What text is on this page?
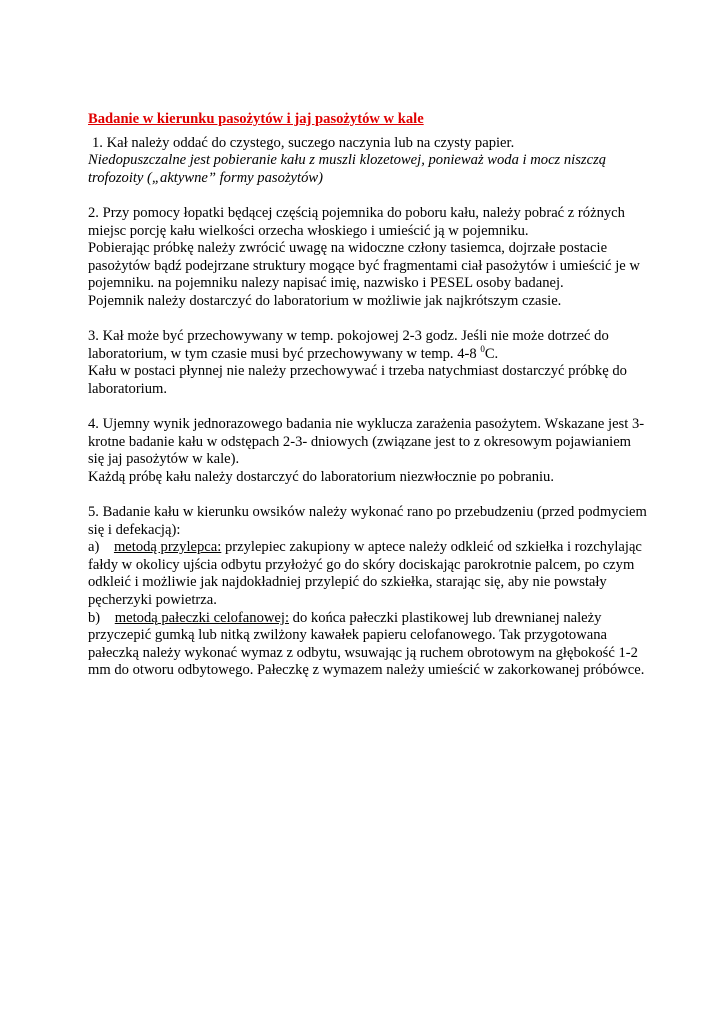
Badanie w kierunku pasożytów i jaj pasożytów w kale

1. Kał należy oddać do czystego, suczego naczynia lub na czysty papier.

Niedopuszczalne jest pobieranie kału z muszli klozetowej, ponieważ woda i mocz niszczą trofozoity („aktywne” formy pasożytów)

2. Przy pomocy łopatki będącej częścią pojemnika do poboru kału, należy pobrać z różnych miejsc porcję kału wielkości orzecha włoskiego i umieścić ją w pojemniku.

Pobierając próbkę należy zwrócić uwagę na widoczne człony tasiemca, dojrzałe postacie pasożytów bądź podejrzane struktury mogące być fragmentami ciał pasożytów i umieścić je w pojemniku. na pojemniku nalezy napisać imię, nazwisko i PESEL osoby badanej.

Pojemnik należy dostarczyć do laboratorium w możliwie jak najkrótszym czasie.

3. Kał może być przechowywany w temp. pokojowej 2-3 godz. Jeśli nie może dotrzeć do laboratorium, w tym czasie musi być przechowywany w temp. 4-8 $^0$C.

Kału w postaci płynnej nie należy przechowywać i trzeba natychmiast dostarczyć próbkę do laboratorium.

4. Ujemny wynik jednorazowego badania nie wyklucza zarażenia pasożytem. Wskazane jest 3-krotne badanie kału w odstępach 2-3- dniowych (związane jest to z okresowym pojawianiem się jaj pasożytów w kale).

Każdą próbę kału należy dostarczyć do laboratorium niezwłocznie po pobraniu.

5. Badanie kału w kierunku owsików należy wykonać rano po przebudzeniu (przed podmyciem się i defekacją):

a)    metodą przylepca: przylepiec zakupiony w aptece należy odkleić od szkiełka i rozchylając fałdy w okolicy ujścia odbytu przyłożyć go do skóry dociskając parokrotnie palcem, po czym odkleić i możliwie jak najdokładniej przylepić do szkiełka, starając się, aby nie powstały pęcherzyki powietrza.

b)    metodą pałeczki celofanowej: do końca pałeczki plastikowej lub drewnianej należy przyczepić gumką lub nitką zwilżony kawałek papieru celofanowego. Tak przygotowana pałeczką należy wykonać wymaz z odbytu, wsuwając ją ruchem obrotowym na głębokość 1-2 mm do otworu odbytowego. Pałeczkę z wymazem należy umieścić w zakorkowanej próbówce.
